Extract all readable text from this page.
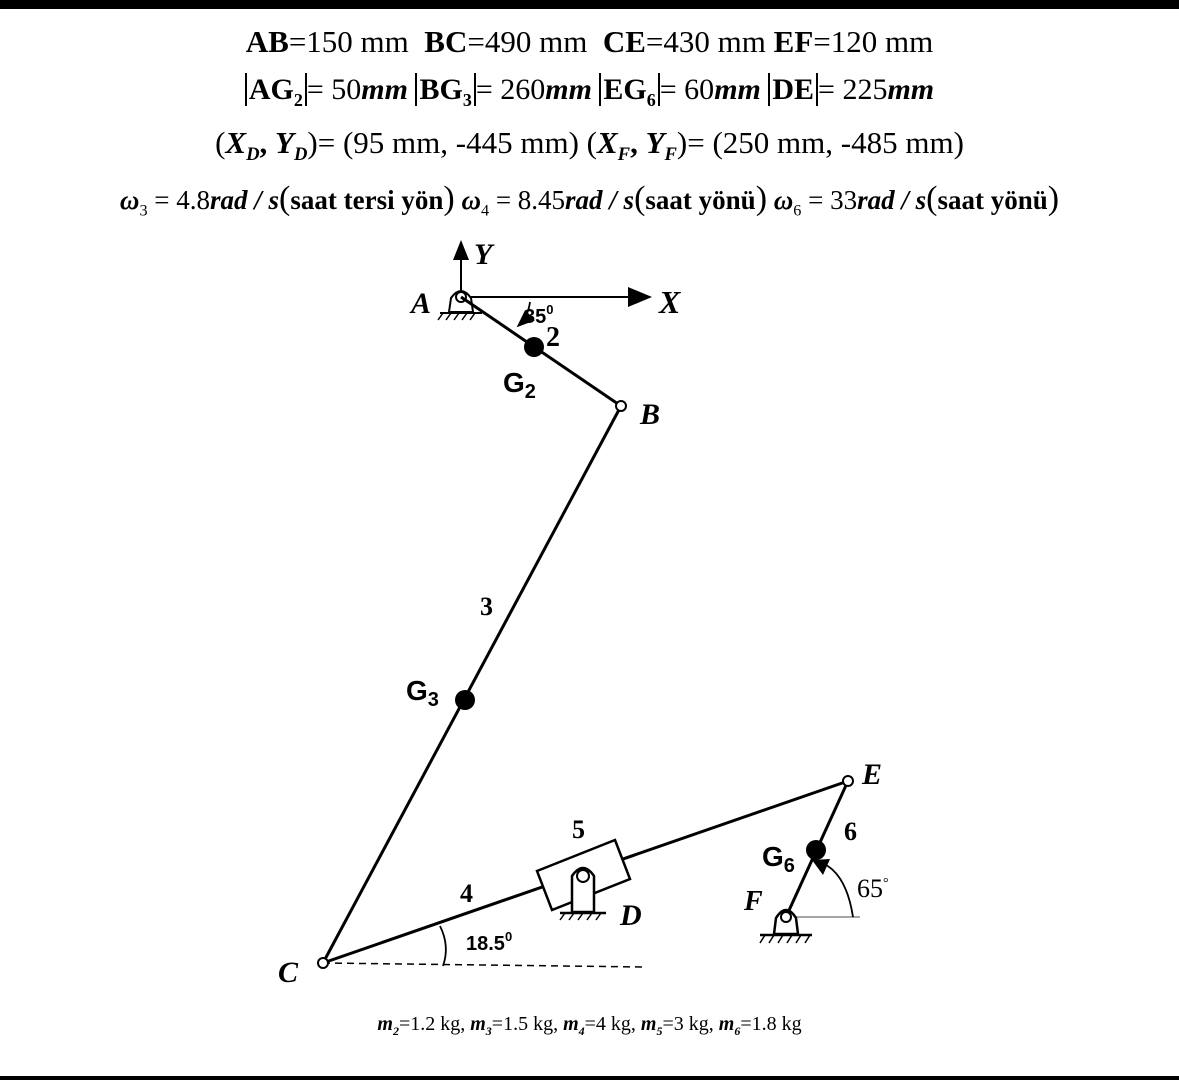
AB=150 mm BC=490 mm CE=430 mm EF=120 mm
$AG_2 = 50mm$ $BG_3 = 260mm$ $EG_6 = 60mm$ DE = 225mm
($X_D$, $Y_D)= (95$ mm, -445 mm) ($X_F$, $Y_F)= (250$ mm, -485 mm)
$\omega_3 = 4.8rad$ / s(saat tersi yön) $\omega_4 = 8.45rad$ / s(saat yönü) $\omega_6 = 33rad$ / s(saat yönü)
Y
X
A
B
C
D
E
F
2
3
4
5	6
$G_2$
$G_3$
$G_6$
$35^0$
18.5$^0$
65°
$m_2=1.2$ kg, $m_3=1.5$ kg, $m_4=4$ kg, $m_5=3$ kg, $m_6=1.8$ kg
